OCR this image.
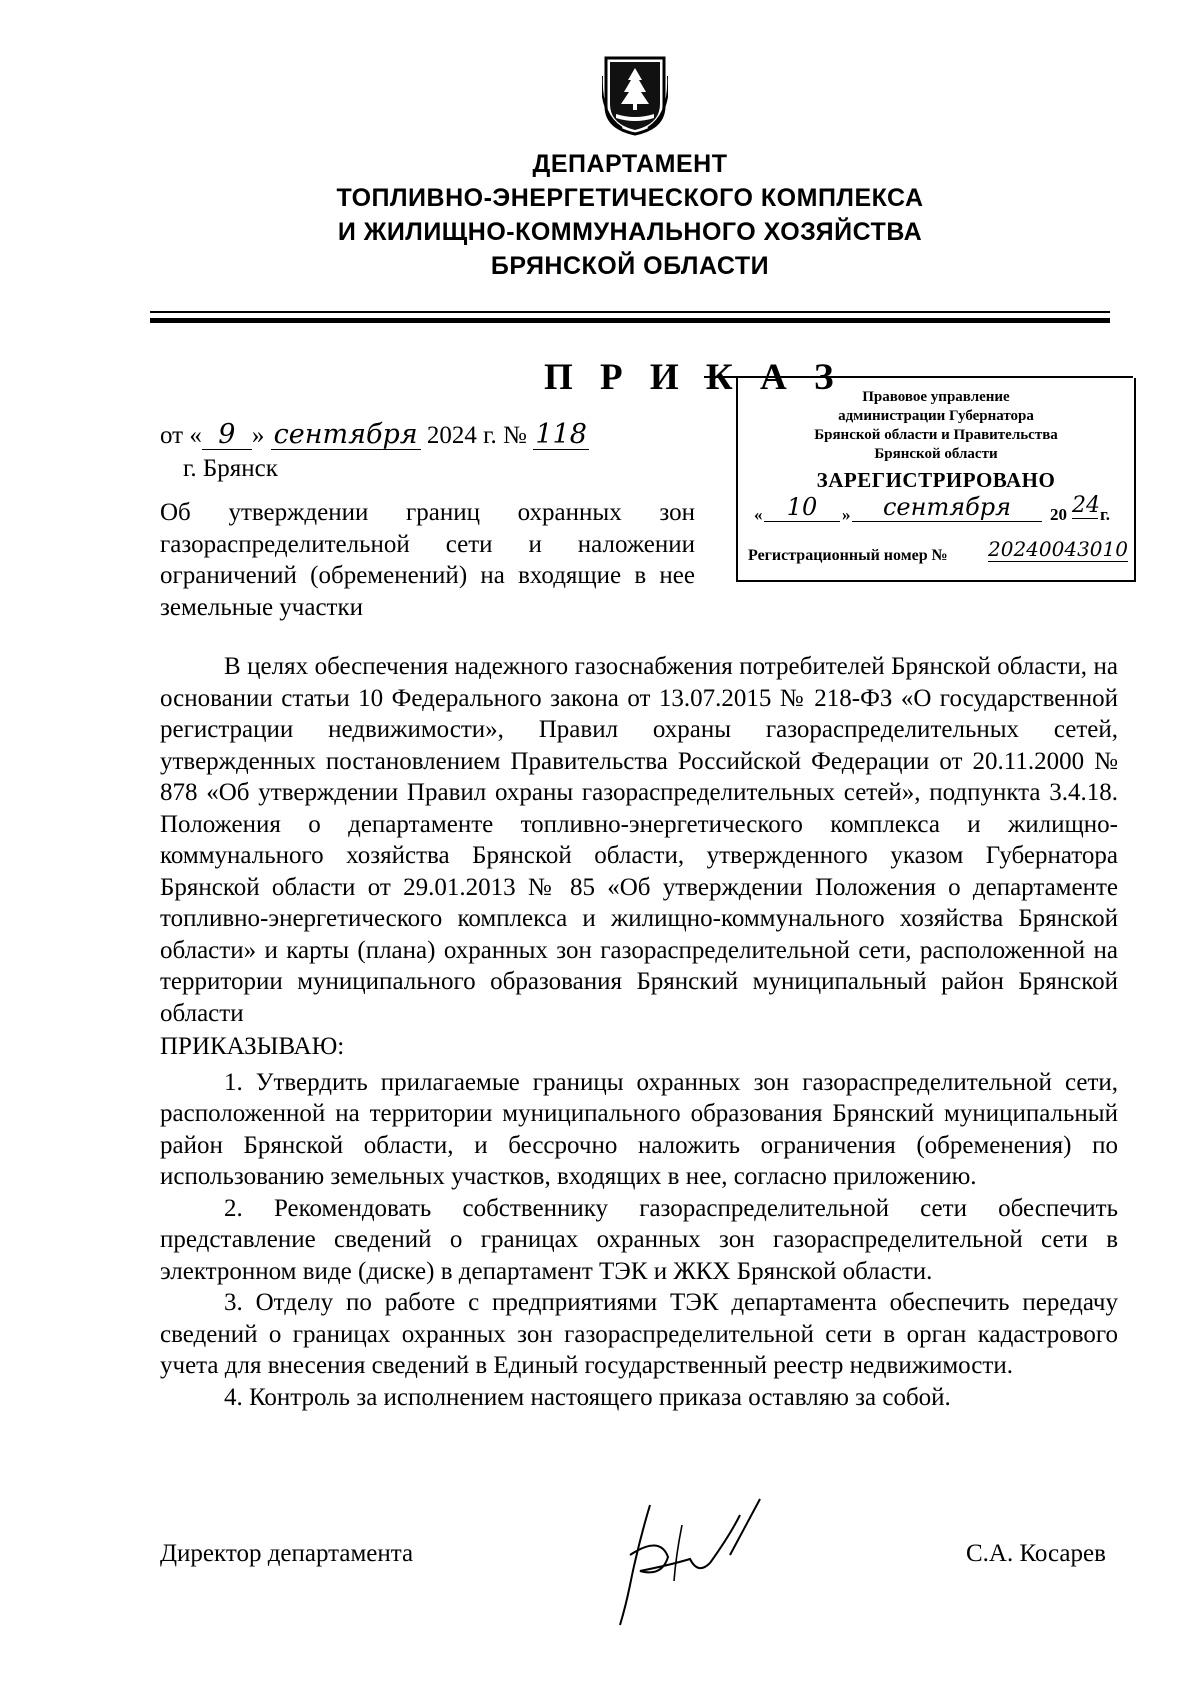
ДЕПАРТАМЕНТ
ТОПЛИВНО-ЭНЕРГЕТИЧЕСКОГО КОМПЛЕКСА
И ЖИЛИЩНО-КОММУНАЛЬНОГО ХОЗЯЙСТВА
БРЯНСКОЙ ОБЛАСТИ
П Р И К А З	Правовое управление
администрации Губернатора
Брянской области и Правительства
Брянской области
ЗАРЕГИСТРИРОВАНО
«	10	»	сентября	20 24 г.
Регистрационный номер № 20240043010
от « 9 » сентября 2024 г. № 118
г. Брянск
Об утверждении границ охранных зон газораспределительной сети и наложении ограничений (обременений) на входящие в нее земельные участки

В целях обеспечения надежного газоснабжения потребителей Брянской области, на основании статьи 10 Федерального закона от 13.07.2015 № 218-ФЗ «О государственной регистрации недвижимости», Правил охраны газораспределительных сетей, утвержденных постановлением Правительства Российской Федерации от 20.11.2000 № 878 «Об утверждении Правил охраны газораспределительных сетей», подпункта 3.4.18. Положения о департаменте топливно-энергетического комплекса и жилищно-коммунального хозяйства Брянской области, утвержденного указом Губернатора Брянской области от 29.01.2013 № 85 «Об утверждении Положения о департаменте топливно-энергетического комплекса и жилищно-коммунального хозяйства Брянской области» и карты (плана) охранных зон газораспределительной сети, расположенной на территории муниципального образования Брянский муниципальный район Брянской области

ПРИКАЗЫВАЮ:

1. Утвердить прилагаемые границы охранных зон газораспределительной сети, расположенной на территории муниципального образования Брянский муниципальный район Брянской области, и бессрочно наложить ограничения (обременения) по использованию земельных участков, входящих в нее, согласно приложению.

2. Рекомендовать собственнику газораспределительной сети обеспечить представление сведений о границах охранных зон газораспределительной сети в электронном виде (диске) в департамент ТЭК и ЖКХ Брянской области.

3. Отделу по работе с предприятиями ТЭК департамента обеспечить передачу сведений о границах охранных зон газораспределительной сети в орган кадастрового учета для внесения сведений в Единый государственный реестр недвижимости.

4. Контроль за исполнением настоящего приказа оставляю за собой.

Директор департамента	С.А. Косарев
